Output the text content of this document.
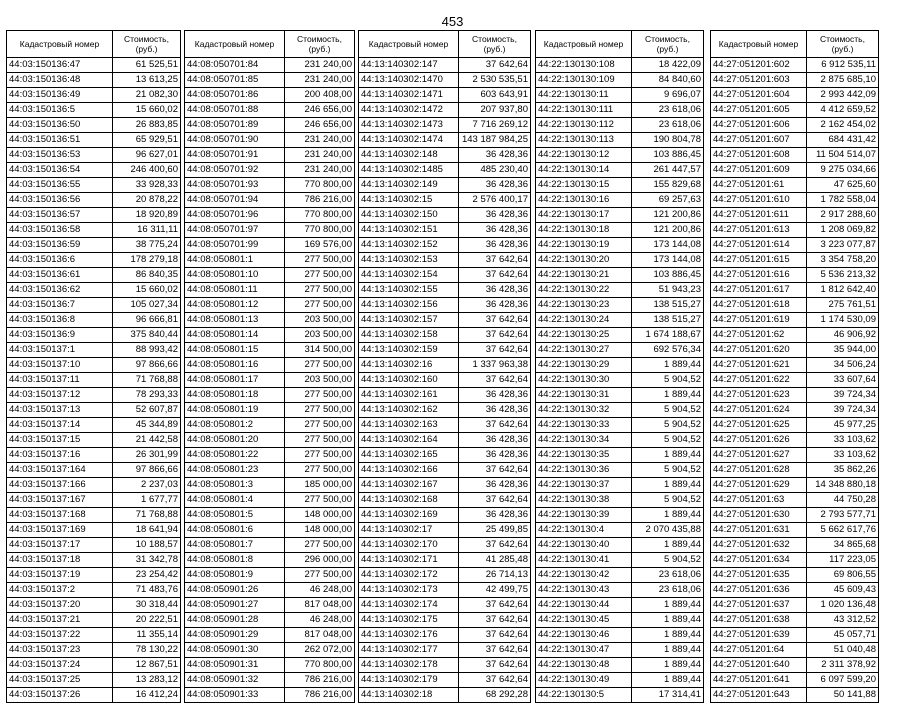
453
Кадастровый номер	Стоимость, (руб.)
44:03:150136:47	61 525,51
44:03:150136:48	13 613,25
44:03:150136:49	21 082,30
44:03:150136:5	15 660,02
44:03:150136:50	26 883,85
44:03:150136:51	65 929,51
44:03:150136:53	96 627,01
44:03:150136:54	246 400,60
44:03:150136:55	33 928,33
44:03:150136:56	20 878,22
44:03:150136:57	18 920,89
44:03:150136:58	16 311,11
44:03:150136:59	38 775,24
44:03:150136:6	178 279,18
44:03:150136:61	86 840,35
44:03:150136:62	15 660,02
44:03:150136:7	105 027,34
44:03:150136:8	96 666,81
44:03:150136:9	375 840,44
44:03:150137:1	88 993,42
44:03:150137:10	97 866,66
44:03:150137:11	71 768,88
44:03:150137:12	78 293,33
44:03:150137:13	52 607,87
44:03:150137:14	45 344,89
44:03:150137:15	21 442,58
44:03:150137:16	26 301,99
44:03:150137:164	97 866,66
44:03:150137:166	2 237,03
44:03:150137:167	1 677,77
44:03:150137:168	71 768,88
44:03:150137:169	18 641,94
44:03:150137:17	10 188,57
44:03:150137:18	31 342,78
44:03:150137:19	23 254,42
44:03:150137:2	71 483,76
44:03:150137:20	30 318,44
44:03:150137:21	20 222,51
44:03:150137:22	11 355,14
44:03:150137:23	78 130,22
44:03:150137:24	12 867,51
44:03:150137:25	13 283,12
44:03:150137:26	16 412,24
Кадастровый номер	Стоимость, (руб.)
44:08:050701:84	231 240,00
44:08:050701:85	231 240,00
44:08:050701:86	200 408,00
44:08:050701:88	246 656,00
44:08:050701:89	246 656,00
44:08:050701:90	231 240,00
44:08:050701:91	231 240,00
44:08:050701:92	231 240,00
44:08:050701:93	770 800,00
44:08:050701:94	786 216,00
44:08:050701:96	770 800,00
44:08:050701:97	770 800,00
44:08:050701:99	169 576,00
44:08:050801:1	277 500,00
44:08:050801:10	277 500,00
44:08:050801:11	277 500,00
44:08:050801:12	277 500,00
44:08:050801:13	203 500,00
44:08:050801:14	203 500,00
44:08:050801:15	314 500,00
44:08:050801:16	277 500,00
44:08:050801:17	203 500,00
44:08:050801:18	277 500,00
44:08:050801:19	277 500,00
44:08:050801:2	277 500,00
44:08:050801:20	277 500,00
44:08:050801:22	277 500,00
44:08:050801:23	277 500,00
44:08:050801:3	185 000,00
44:08:050801:4	277 500,00
44:08:050801:5	148 000,00
44:08:050801:6	148 000,00
44:08:050801:7	277 500,00
44:08:050801:8	296 000,00
44:08:050801:9	277 500,00
44:08:050901:26	46 248,00
44:08:050901:27	817 048,00
44:08:050901:28	46 248,00
44:08:050901:29	817 048,00
44:08:050901:30	262 072,00
44:08:050901:31	770 800,00
44:08:050901:32	786 216,00
44:08:050901:33	786 216,00
Кадастровый номер	Стоимость, (руб.)
44:13:140302:147	37 642,64
44:13:140302:1470	2 530 535,51
44:13:140302:1471	603 643,91
44:13:140302:1472	207 937,80
44:13:140302:1473	7 716 269,12
44:13:140302:1474	143 187 984,25
44:13:140302:148	36 428,36
44:13:140302:1485	485 230,40
44:13:140302:149	36 428,36
44:13:140302:15	2 576 400,17
44:13:140302:150	36 428,36
44:13:140302:151	36 428,36
44:13:140302:152	36 428,36
44:13:140302:153	37 642,64
44:13:140302:154	37 642,64
44:13:140302:155	36 428,36
44:13:140302:156	36 428,36
44:13:140302:157	37 642,64
44:13:140302:158	37 642,64
44:13:140302:159	37 642,64
44:13:140302:16	1 337 963,38
44:13:140302:160	37 642,64
44:13:140302:161	36 428,36
44:13:140302:162	36 428,36
44:13:140302:163	37 642,64
44:13:140302:164	36 428,36
44:13:140302:165	36 428,36
44:13:140302:166	37 642,64
44:13:140302:167	36 428,36
44:13:140302:168	37 642,64
44:13:140302:169	36 428,36
44:13:140302:17	25 499,85
44:13:140302:170	37 642,64
44:13:140302:171	41 285,48
44:13:140302:172	26 714,13
44:13:140302:173	42 499,75
44:13:140302:174	37 642,64
44:13:140302:175	37 642,64
44:13:140302:176	37 642,64
44:13:140302:177	37 642,64
44:13:140302:178	37 642,64
44:13:140302:179	37 642,64
44:13:140302:18	68 292,28
Кадастровый номер	Стоимость, (руб.)
44:22:130130:108	18 422,09
44:22:130130:109	84 840,60
44:22:130130:11	9 696,07
44:22:130130:111	23 618,06
44:22:130130:112	23 618,06
44:22:130130:113	190 804,78
44:22:130130:12	103 886,45
44:22:130130:14	261 447,57
44:22:130130:15	155 829,68
44:22:130130:16	69 257,63
44:22:130130:17	121 200,86
44:22:130130:18	121 200,86
44:22:130130:19	173 144,08
44:22:130130:20	173 144,08
44:22:130130:21	103 886,45
44:22:130130:22	51 943,23
44:22:130130:23	138 515,27
44:22:130130:24	138 515,27
44:22:130130:25	1 674 188,67
44:22:130130:27	692 576,34
44:22:130130:29	1 889,44
44:22:130130:30	5 904,52
44:22:130130:31	1 889,44
44:22:130130:32	5 904,52
44:22:130130:33	5 904,52
44:22:130130:34	5 904,52
44:22:130130:35	1 889,44
44:22:130130:36	5 904,52
44:22:130130:37	1 889,44
44:22:130130:38	5 904,52
44:22:130130:39	1 889,44
44:22:130130:4	2 070 435,88
44:22:130130:40	1 889,44
44:22:130130:41	5 904,52
44:22:130130:42	23 618,06
44:22:130130:43	23 618,06
44:22:130130:44	1 889,44
44:22:130130:45	1 889,44
44:22:130130:46	1 889,44
44:22:130130:47	1 889,44
44:22:130130:48	1 889,44
44:22:130130:49	1 889,44
44:22:130130:5	17 314,41
Кадастровый номер	Стоимость, (руб.)
44:27:051201:602	6 912 535,11
44:27:051201:603	2 875 685,10
44:27:051201:604	2 993 442,09
44:27:051201:605	4 412 659,52
44:27:051201:606	2 162 454,02
44:27:051201:607	684 431,42
44:27:051201:608	11 504 514,07
44:27:051201:609	9 275 034,66
44:27:051201:61	47 625,60
44:27:051201:610	1 782 558,04
44:27:051201:611	2 917 288,60
44:27:051201:613	1 208 069,82
44:27:051201:614	3 223 077,87
44:27:051201:615	3 354 758,20
44:27:051201:616	5 536 213,32
44:27:051201:617	1 812 642,40
44:27:051201:618	275 761,51
44:27:051201:619	1 174 530,09
44:27:051201:62	46 906,92
44:27:051201:620	35 944,00
44:27:051201:621	34 506,24
44:27:051201:622	33 607,64
44:27:051201:623	39 724,34
44:27:051201:624	39 724,34
44:27:051201:625	45 977,25
44:27:051201:626	33 103,62
44:27:051201:627	33 103,62
44:27:051201:628	35 862,26
44:27:051201:629	14 348 880,18
44:27:051201:63	44 750,28
44:27:051201:630	2 793 577,71
44:27:051201:631	5 662 617,76
44:27:051201:632	34 865,68
44:27:051201:634	117 223,05
44:27:051201:635	69 806,55
44:27:051201:636	45 609,43
44:27:051201:637	1 020 136,48
44:27:051201:638	43 312,52
44:27:051201:639	45 057,71
44:27:051201:64	51 040,48
44:27:051201:640	2 311 378,92
44:27:051201:641	6 097 599,20
44:27:051201:643	50 141,88
